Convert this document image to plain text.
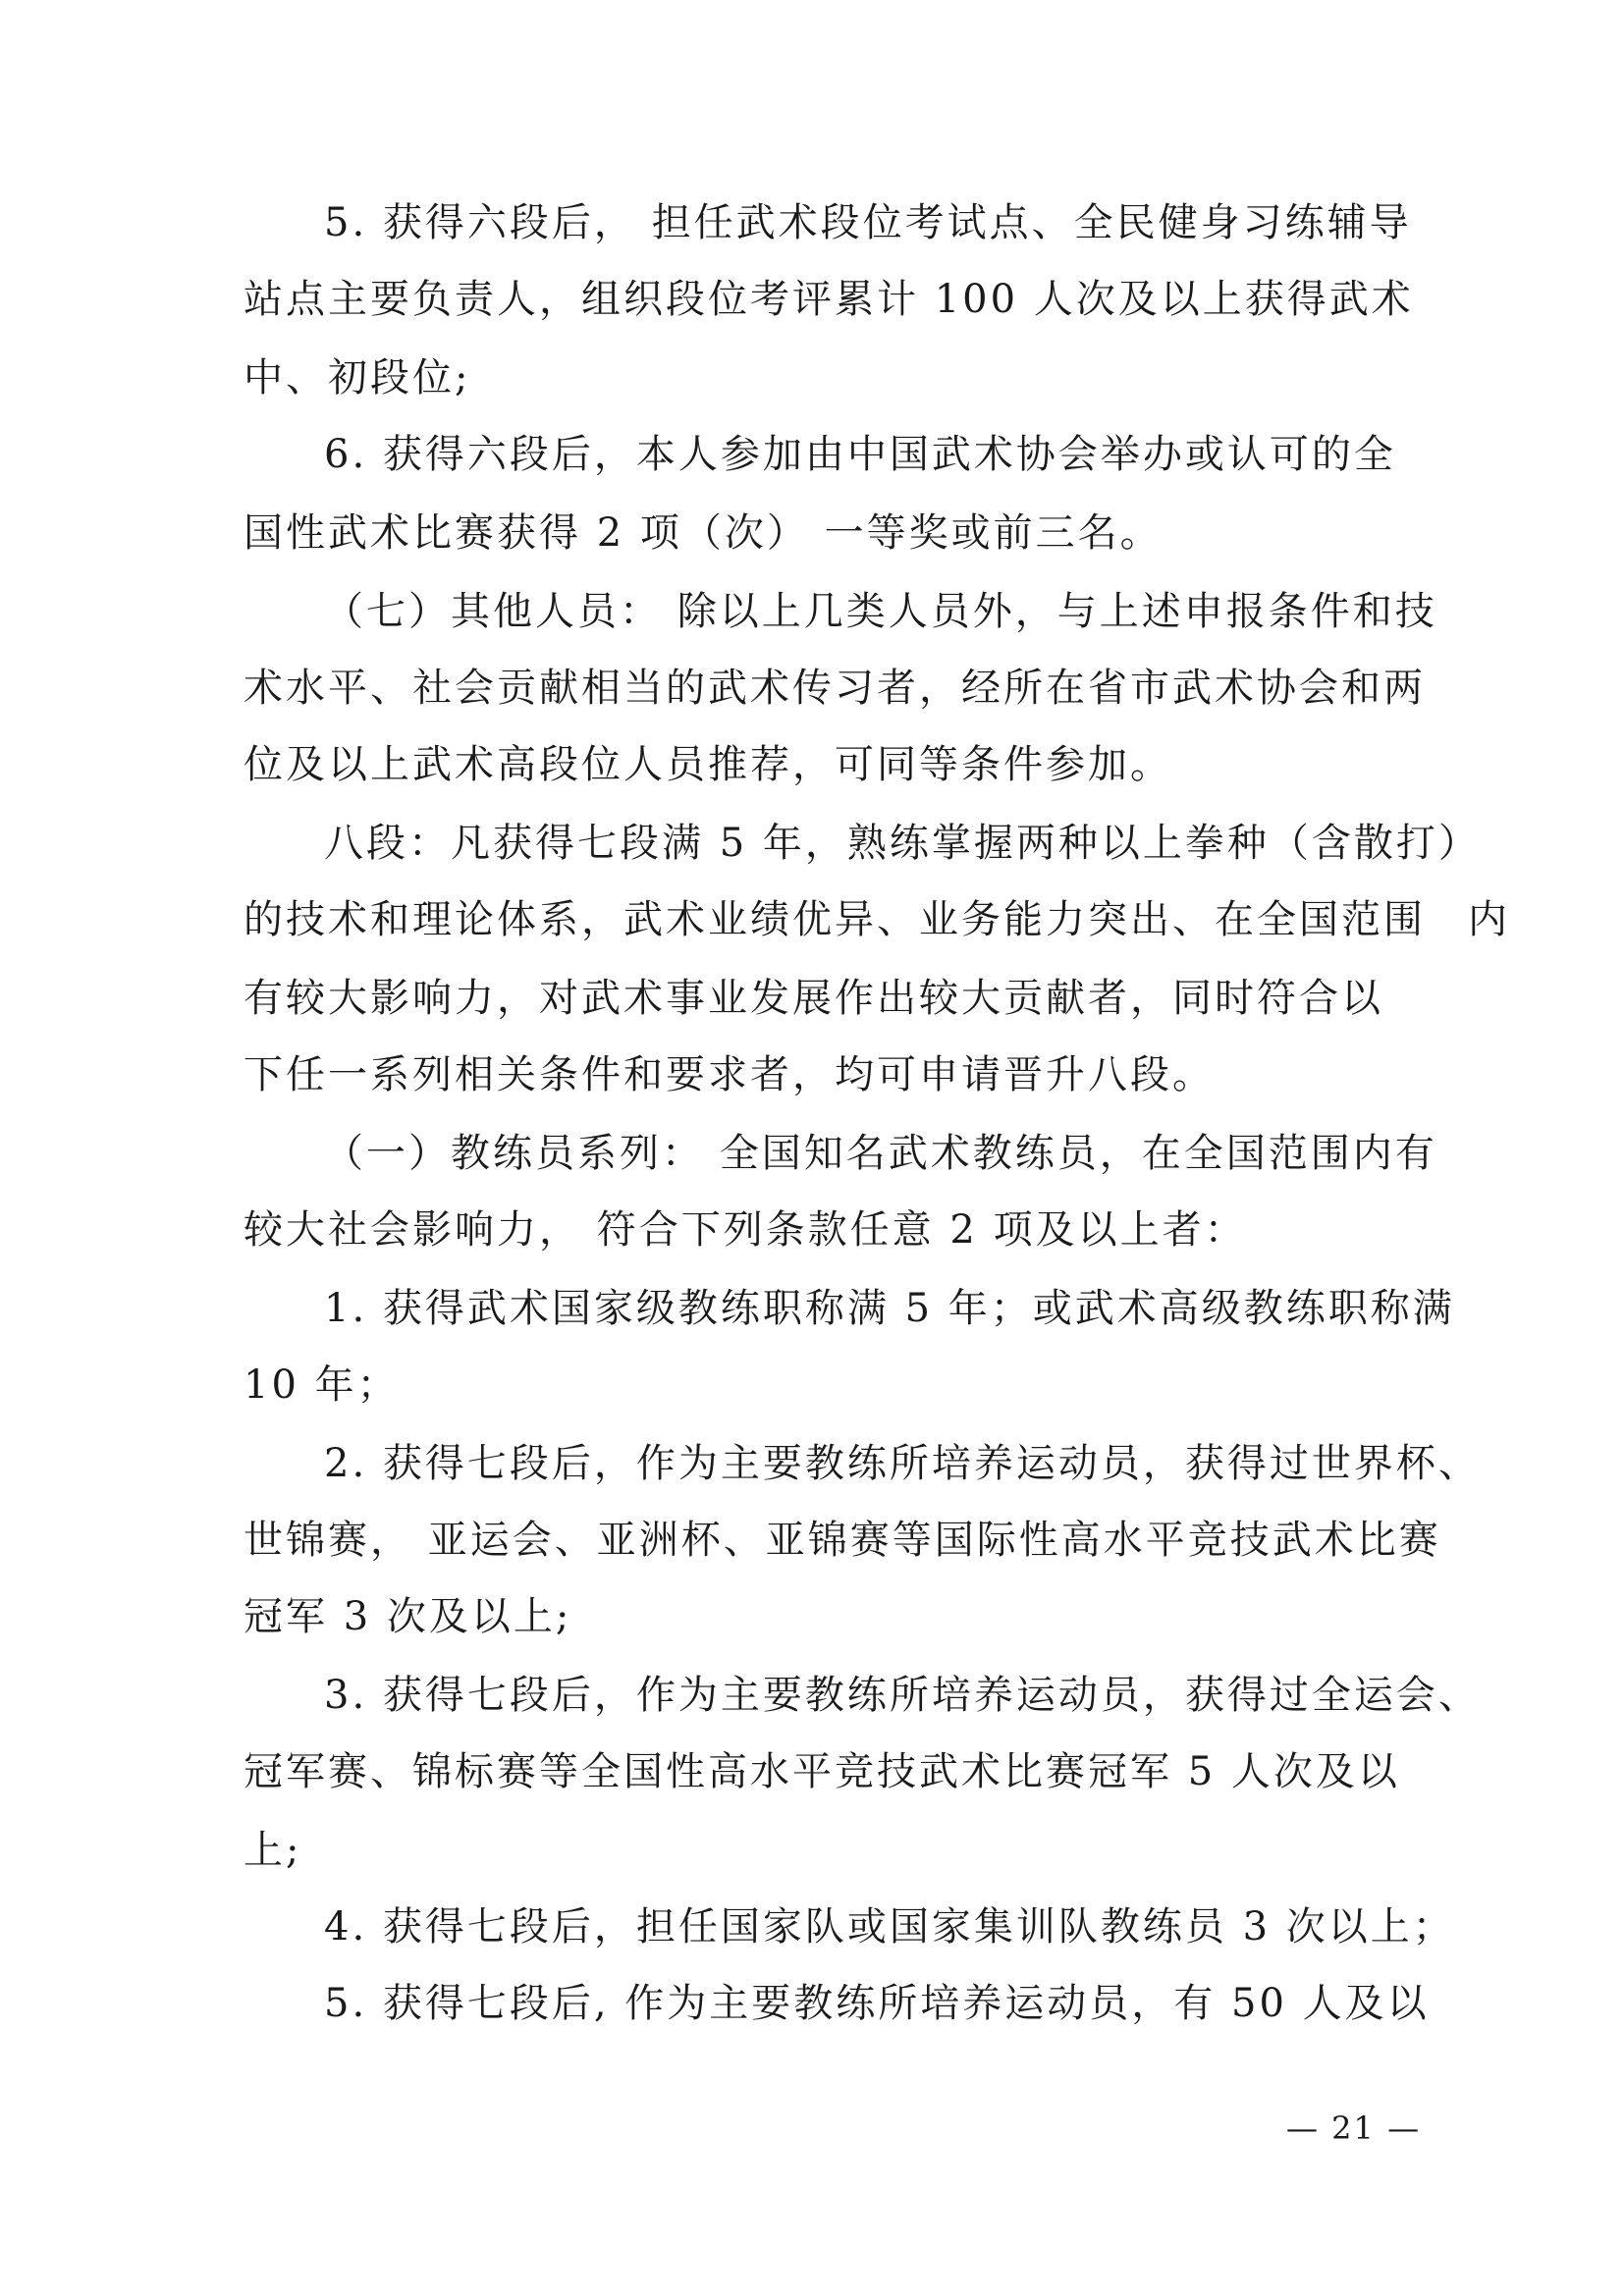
5. 获得六段后， 担任武术段位考试点、全民健身习练辅导
站点主要负责人，组织段位考评累计 100 人次及以上获得武术
中、初段位;
6. 获得六段后，本人参加由中国武术协会举办或认可的全
国性武术比赛获得 2 项（次） 一等奖或前三名。
（七）其他人员： 除以上几类人员外，与上述申报条件和技
术水平、社会贡献相当的武术传习者，经所在省市武术协会和两
位及以上武术高段位人员推荐，可同等条件参加。
八段：凡获得七段满 5 年，熟练掌握两种以上拳种（含散打）
的技术和理论体系，武术业绩优异、业务能力突出、在全国范围　内
有较大影响力，对武术事业发展作出较大贡献者，同时符合以
下任一系列相关条件和要求者，均可申请晋升八段。
（一）教练员系列： 全国知名武术教练员，在全国范围内有
较大社会影响力， 符合下列条款任意 2 项及以上者：
1. 获得武术国家级教练职称满 5 年；或武术高级教练职称满
10 年；
2. 获得七段后，作为主要教练所培养运动员，获得过世界杯、
世锦赛， 亚运会、亚洲杯、亚锦赛等国际性高水平竞技武术比赛
冠军 3 次及以上;
3. 获得七段后，作为主要教练所培养运动员，获得过全运会、
冠军赛、锦标赛等全国性高水平竞技武术比赛冠军 5 人次及以
上;
4. 获得七段后，担任国家队或国家集训队教练员 3 次以上；
5. 获得七段后, 作为主要教练所培养运动员，有 50 人及以
— 21 —
